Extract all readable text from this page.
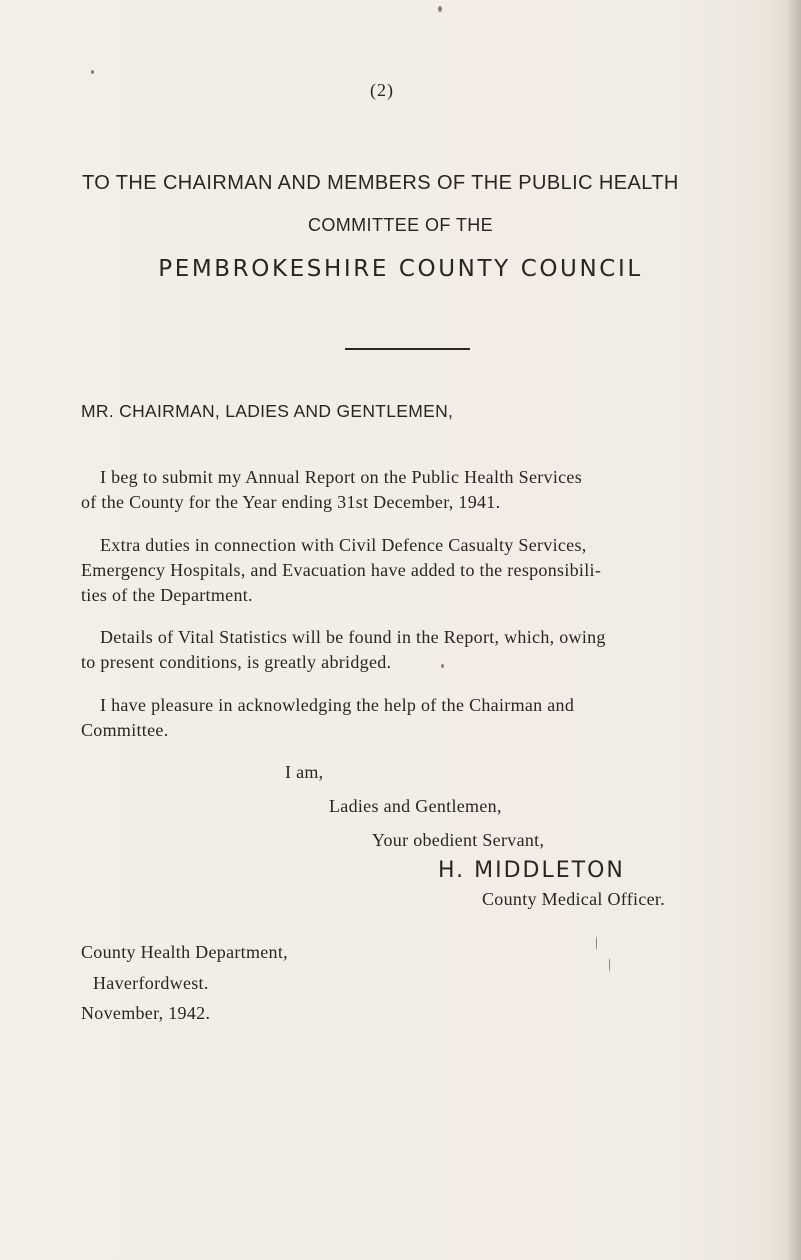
(2)
TO THE CHAIRMAN AND MEMBERS OF THE PUBLIC HEALTH
COMMITTEE OF THE
PEMBROKESHIRE COUNTY COUNCIL
MR. CHAIRMAN, LADIES AND GENTLEMEN,
I beg to submit my Annual Report on the Public Health Services
of the County for the Year ending 31st December, 1941.
Extra duties in connection with Civil Defence Casualty Services,
Emergency Hospitals, and Evacuation have added to the responsibili-
ties of the Department.
Details of Vital Statistics will be found in the Report, which, owing
to present conditions, is greatly abridged.
I have pleasure in acknowledging the help of the Chairman and
Committee.
I am,
Ladies and Gentlemen,
Your obedient Servant,
H. MIDDLETON
County Medical Officer.
County Health Department,
Haverfordwest.
November, 1942.
